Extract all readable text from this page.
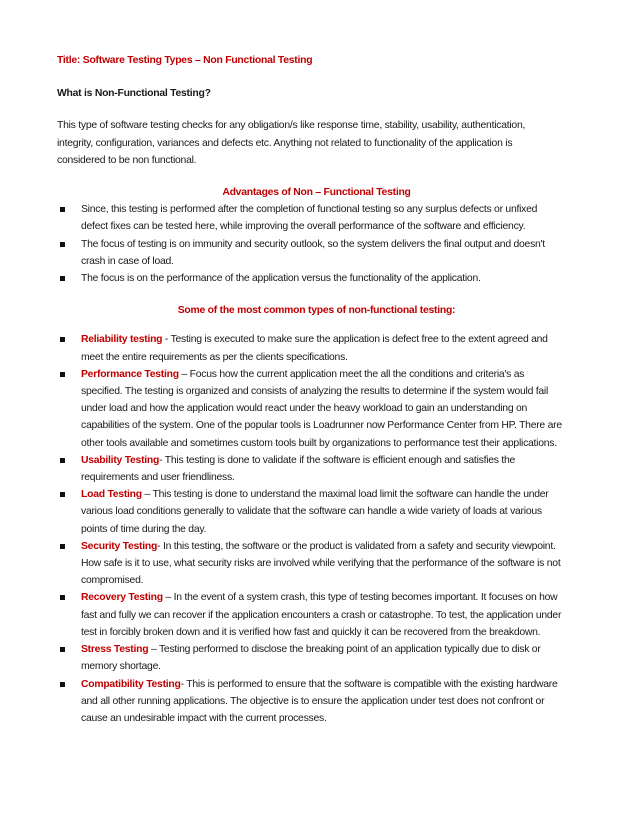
Title: Software Testing Types – Non Functional Testing

What is Non-Functional Testing?
This type of software testing checks for any obligation/s like response time, stability, usability, authentication, integrity, configuration, variances and defects etc. Anything not related to functionality of the application is considered to be non functional.
Advantages of Non – Functional Testing
Since, this testing is performed after the completion of functional testing so any surplus defects or unfixed defect fixes can be tested here, while improving the overall performance of the software and efficiency.
The focus of testing is on immunity and security outlook, so the system delivers the final output and doesn't crash in case of load.
The focus is on the performance of the application versus the functionality of the application.
Some of the most common types of non-functional testing:
Reliability testing - Testing is executed to make sure the application is defect free to the extent agreed and meet the entire requirements as per the clients specifications.
Performance Testing – Focus how the current application meet the all the conditions and criteria's as specified. The testing is organized and consists of analyzing the results to determine if the system would fail under load and how the application would react under the heavy workload to gain an understanding on capabilities of the system. One of the popular tools is Loadrunner now Performance Center from HP. There are other tools available and sometimes custom tools built by organizations to performance test their applications.
Usability Testing- This testing is done to validate if the software is efficient enough and satisfies the requirements and user friendliness.
Load Testing – This testing is done to understand the maximal load limit the software can handle the under various load conditions generally to validate that the software can handle a wide variety of loads at various points of time during the day.
Security Testing- In this testing, the software or the product is validated from a safety and security viewpoint. How safe is it to use, what security risks are involved while verifying that the performance of the software is not compromised.
Recovery Testing – In the event of a system crash, this type of testing becomes important. It focuses on how fast and fully we can recover if the application encounters a crash or catastrophe. To test, the application under test in forcibly broken down and it is verified how fast and quickly it can be recovered from the breakdown.
Stress Testing – Testing performed to disclose the breaking point of an application typically due to disk or memory shortage.
Compatibility Testing- This is performed to ensure that the software is compatible with the existing hardware and all other running applications. The objective is to ensure the application under test does not confront or cause an undesirable impact with the current processes.
